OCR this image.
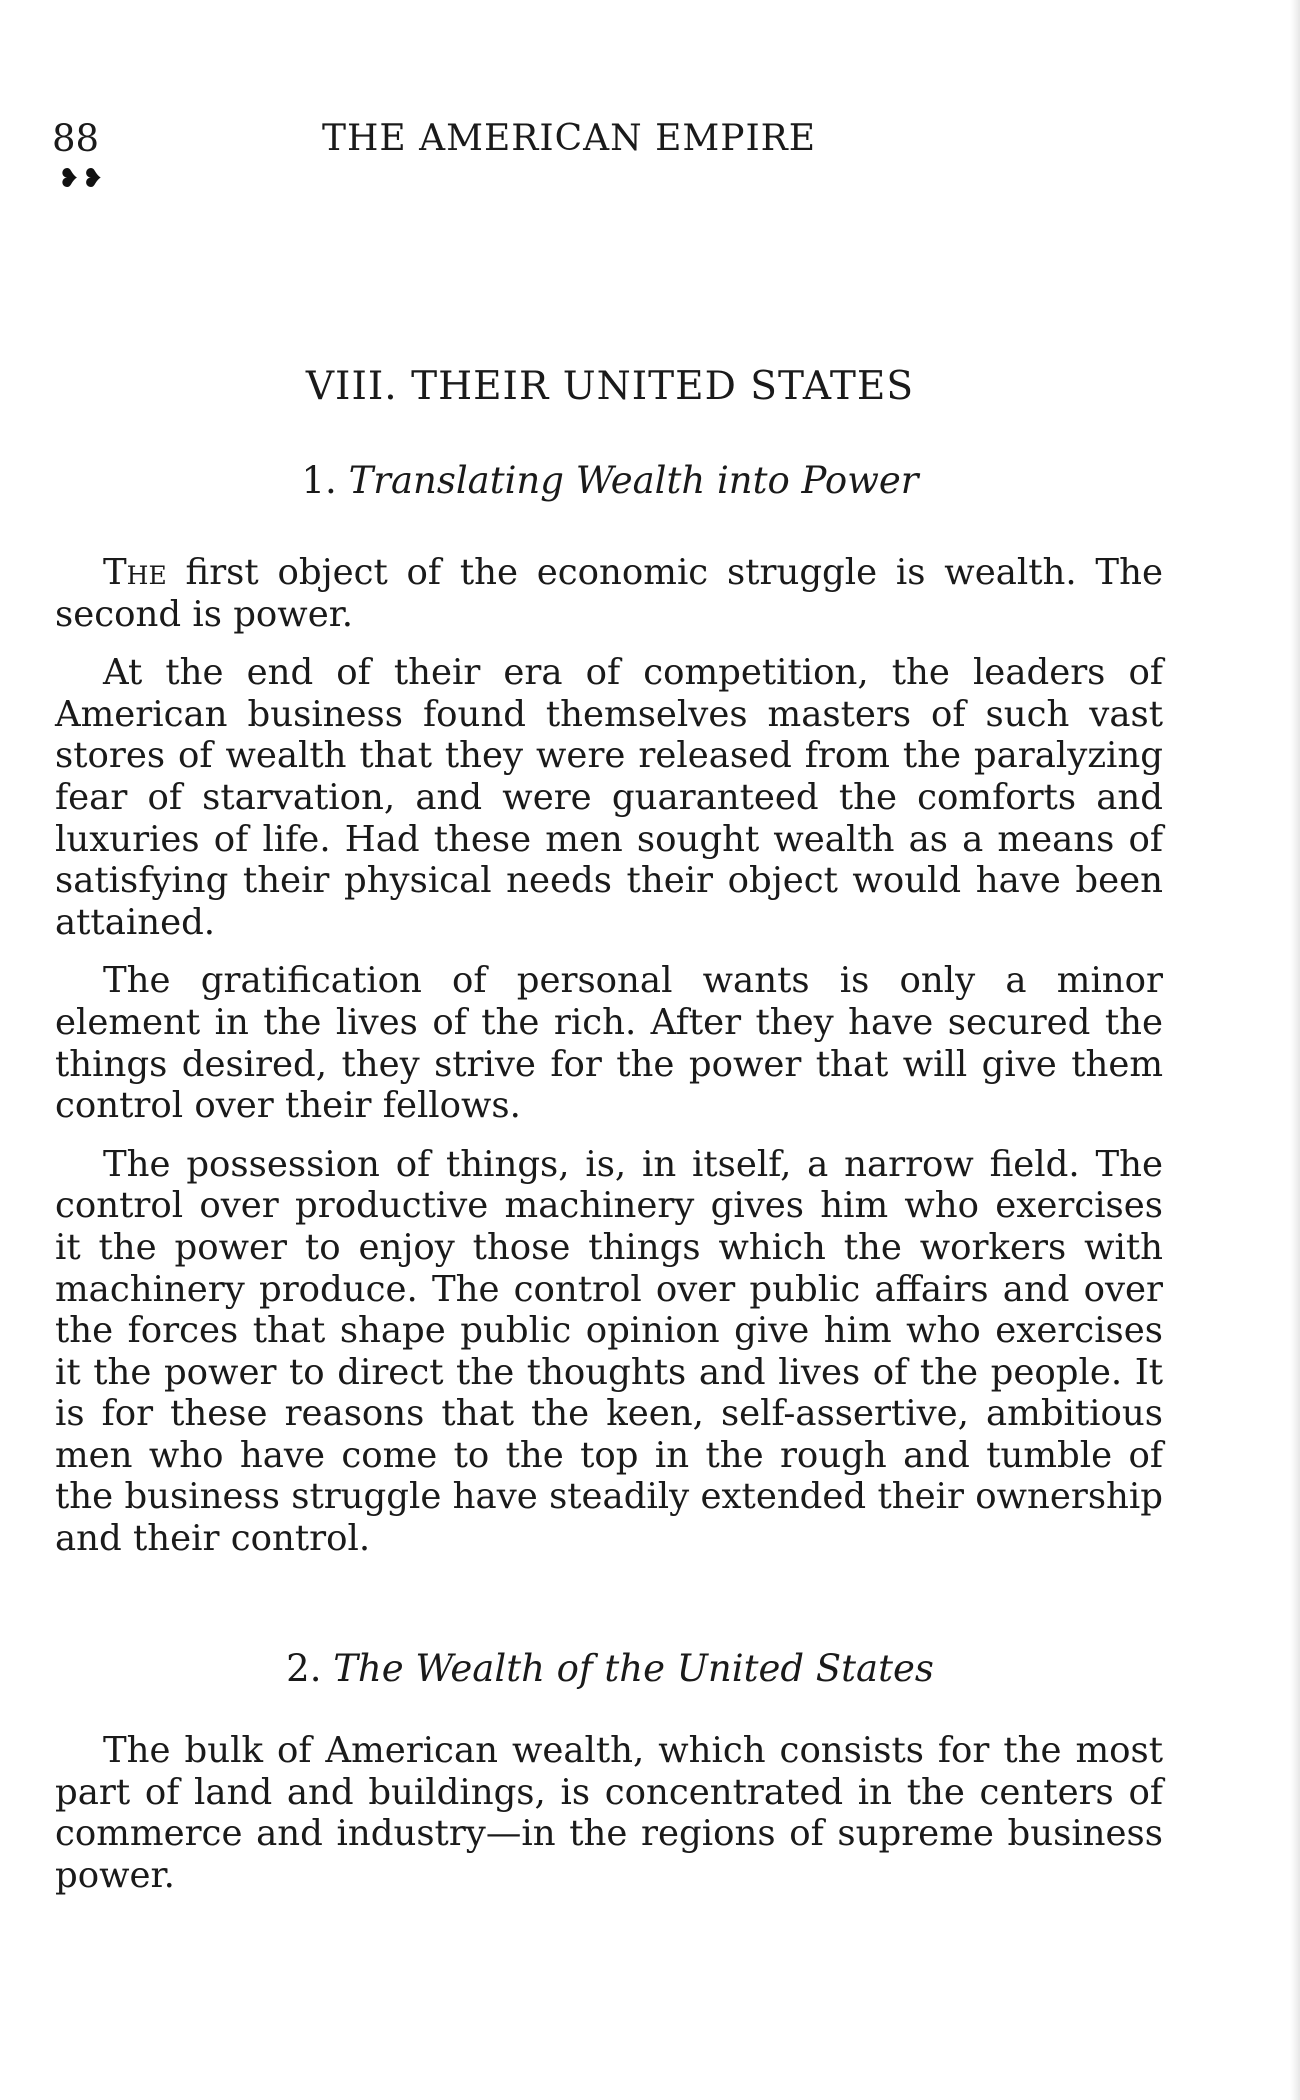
88
❥❥
THE AMERICAN EMPIRE
VIII. THEIR UNITED STATES
1. Translating Wealth into Power

The first object of the economic struggle is wealth. The second is power.

At the end of their era of competition, the leaders of American business found themselves masters of such vast stores of wealth that they were released from the paralyzing fear of starvation, and were guaranteed the comforts and luxuries of life. Had these men sought wealth as a means of satisfying their physical needs their object would have been attained.

The gratification of personal wants is only a minor element in the lives of the rich. After they have secured the things desired, they strive for the power that will give them control over their fellows.

The possession of things, is, in itself, a narrow field. The control over productive machinery gives him who exercises it the power to enjoy those things which the workers with machinery produce. The control over public affairs and over the forces that shape public opinion give him who exercises it the power to direct the thoughts and lives of the people. It is for these reasons that the keen, self-assertive, ambitious men who have come to the top in the rough and tumble of the business struggle have steadily extended their ownership and their control.

2. The Wealth of the United States

The bulk of American wealth, which consists for the most part of land and buildings, is concentrated in the centers of commerce and industry—in the regions of supreme business power.
